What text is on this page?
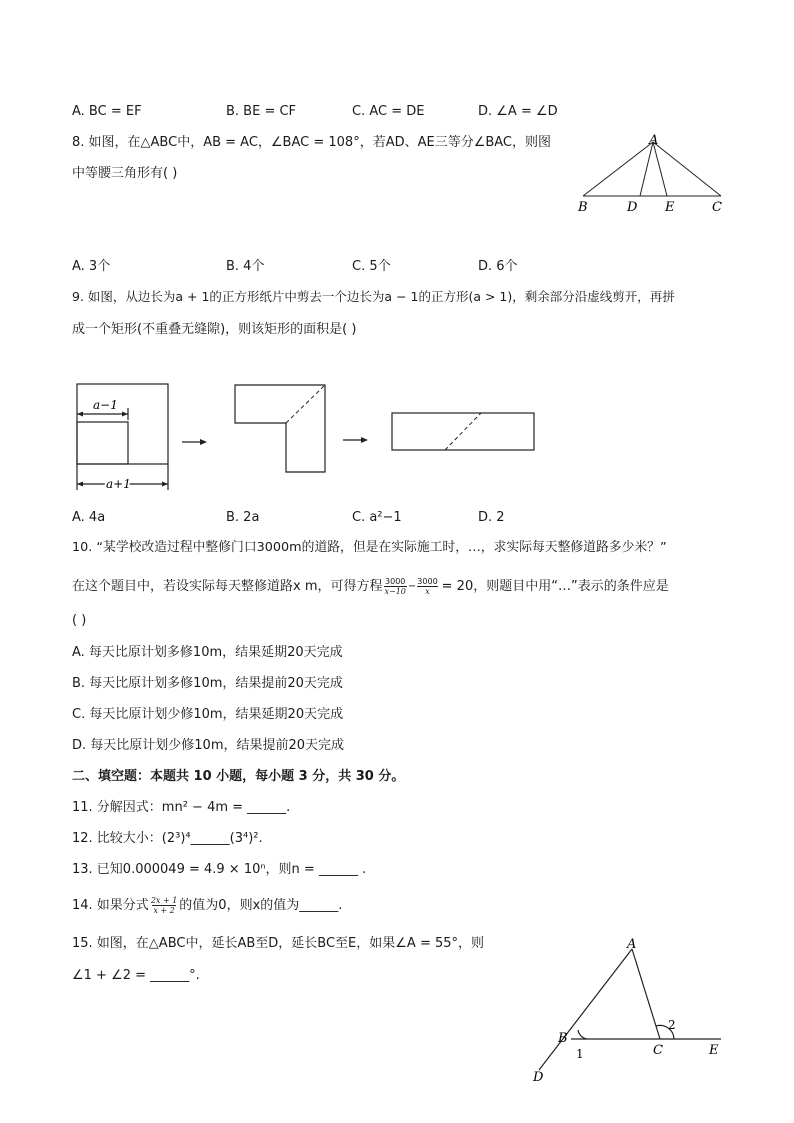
A. BC = EF	B. BE = CF	C. AC = DE	D. ∠A = ∠D
8. 如图，在△ABC中，AB = AC，∠BAC = 108°，若AD、AE三等分∠BAC，则图
中等腰三角形有( )
A
B	D E	C
A. 3个	B. 4个	C. 5个	D. 6个
9. 如图，从边长为a + 1的正方形纸片中剪去一个边长为a − 1的正方形(a > 1)，剩余部分沿虚线剪开，再拼
成一个矩形(不重叠无缝隙)，则该矩形的面积是( )
a−1
a+1
A. 4a	B. 2a	C. a²−1	D. 2
10. “某学校改造过程中整修门口3000m的道路，但是在实际施工时，…，求实际每天整修道路多少米？”
在这个题目中，若设实际每天整修道路x m，可得方程 $\frac{3000}{x-10} - \frac{3000}{x} = 20$，则题目中用“…”表示的条件应是
( )
A. 每天比原计划多修10m，结果延期20天完成
B. 每天比原计划多修10m，结果提前20天完成
C. 每天比原计划少修10m，结果延期20天完成
D. 每天比原计划少修10m，结果提前20天完成
二、填空题：本题共 10 小题，每小题 3 分，共 30 分。
11. 分解因式：mn² − 4m = ______.
12. 比较大小：(2³)⁴______(3⁴)².
13. 已知0.000049 = 4.9 × 10ⁿ，则n = ______ .
14. 如果分式 $\frac{2x + 1}{x + 2}$ 的值为0，则x的值为______.
15. 如图，在△ABC中，延长AB至D，延长BC至E，如果∠A = 55°，则
∠1 + ∠2 = ______°.
A
B
C	E
D
1
2
